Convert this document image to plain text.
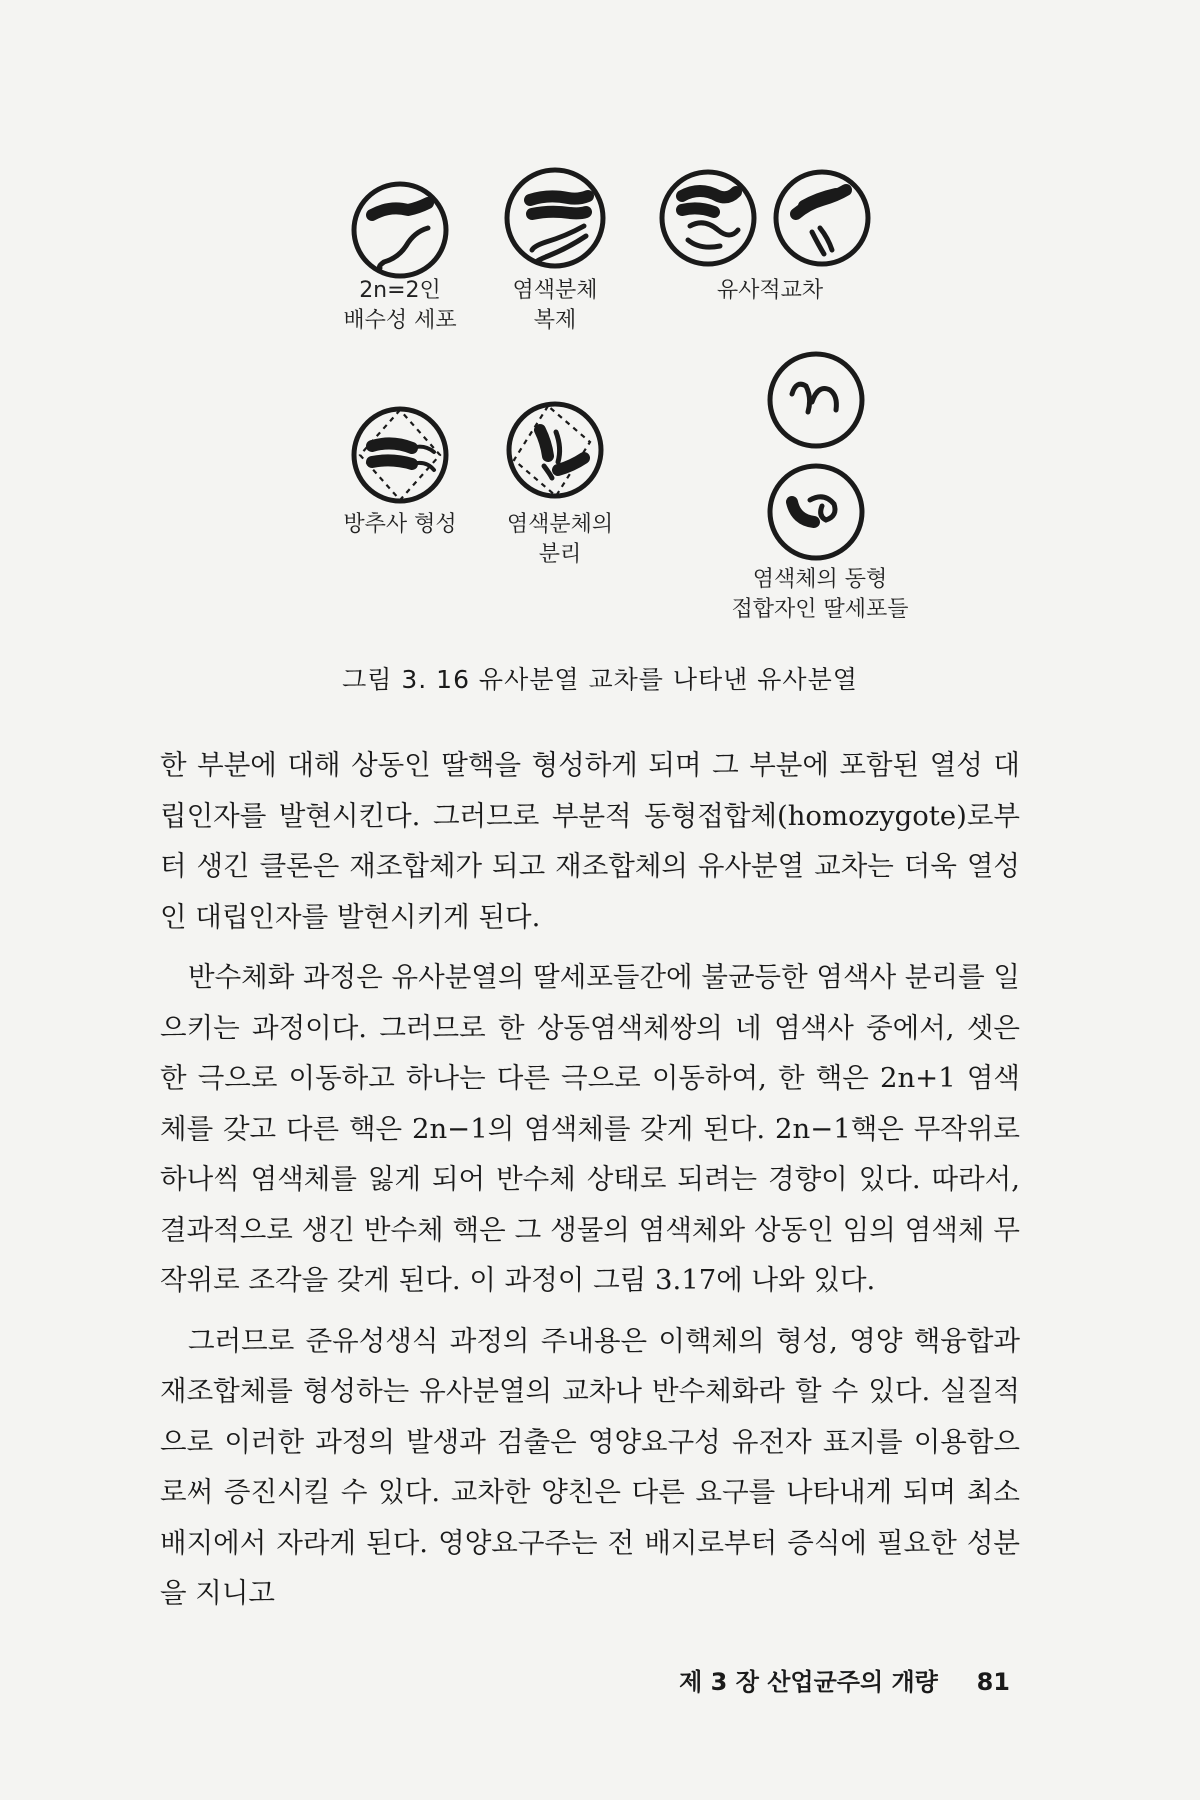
2n=2인
배수성 세포
염색분체
복제
유사적교차
방추사 형성	염색분체의
분리
염색체의 동형
접합자인 딸세포들
그림 3. 16 유사분열 교차를 나타낸 유사분열

한 부분에 대해 상동인 딸핵을 형성하게 되며 그 부분에 포함된 열성 대립인자를 발현시킨다. 그러므로 부분적 동형접합체(homozygote)로부터 생긴 클론은 재조합체가 되고 재조합체의 유사분열 교차는 더욱 열성인 대립인자를 발현시키게 된다.

반수체화 과정은 유사분열의 딸세포들간에 불균등한 염색사 분리를 일으키는 과정이다. 그러므로 한 상동염색체쌍의 네 염색사 중에서, 셋은 한 극으로 이동하고 하나는 다른 극으로 이동하여, 한 핵은 2n+1 염색체를 갖고 다른 핵은 2n−1의 염색체를 갖게 된다. 2n−1핵은 무작위로 하나씩 염색체를 잃게 되어 반수체 상태로 되려는 경향이 있다. 따라서, 결과적으로 생긴 반수체 핵은 그 생물의 염색체와 상동인 임의 염색체 무작위로 조각을 갖게 된다. 이 과정이 그림 3.17에 나와 있다.

그러므로 준유성생식 과정의 주내용은 이핵체의 형성, 영양 핵융합과 재조합체를 형성하는 유사분열의 교차나 반수체화라 할 수 있다. 실질적으로 이러한 과정의 발생과 검출은 영양요구성 유전자 표지를 이용함으로써 증진시킬 수 있다. 교차한 양친은 다른 요구를 나타내게 되며 최소배지에서 자라게 된다. 영양요구주는 전 배지로부터 증식에 필요한 성분을 지니고

제 3 장 산업균주의 개량 81
